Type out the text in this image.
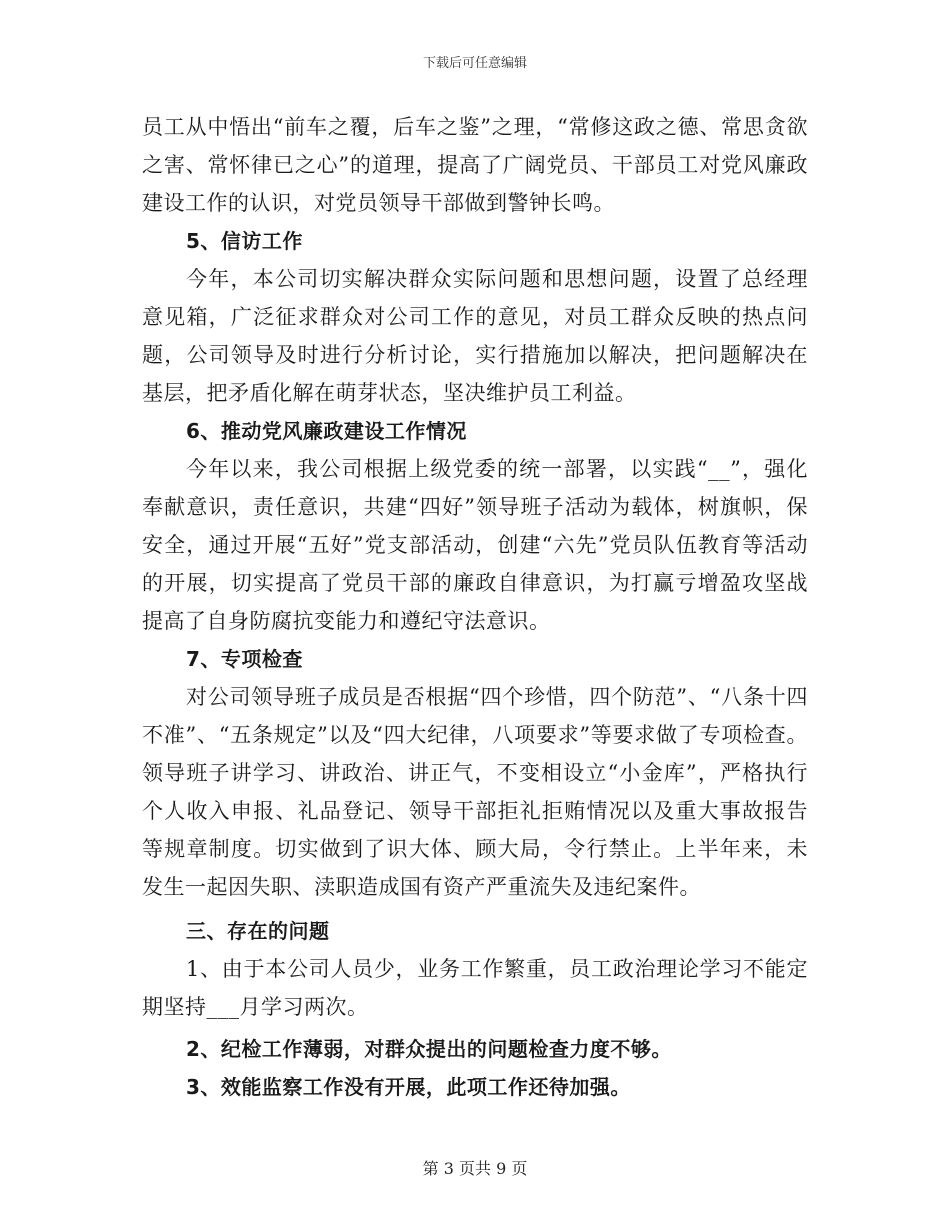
下载后可任意编辑

员工从中悟出“前车之覆，后车之鉴”之理，“常修这政之德、常思贪欲之害、常怀律已之心”的道理，提高了广阔党员、干部员工对党风廉政建设工作的认识，对党员领导干部做到警钟长鸣。

5、信访工作

今年，本公司切实解决群众实际问题和思想问题，设置了总经理意见箱，广泛征求群众对公司工作的意见，对员工群众反映的热点问题，公司领导及时进行分析讨论，实行措施加以解决，把问题解决在基层，把矛盾化解在萌芽状态，坚决维护员工利益。

6、推动党风廉政建设工作情况

今年以来，我公司根据上级党委的统一部署，以实践“__”，强化奉献意识，责任意识，共建“四好”领导班子活动为载体，树旗帜，保安全，通过开展“五好”党支部活动，创建“六先”党员队伍教育等活动的开展，切实提高了党员干部的廉政自律意识，为打赢亏增盈攻坚战提高了自身防腐抗变能力和遵纪守法意识。

7、专项检查

对公司领导班子成员是否根据“四个珍惜，四个防范”、“八条十四不准”、“五条规定”以及“四大纪律，八项要求”等要求做了专项检查。领导班子讲学习、讲政治、讲正气，不变相设立“小金库”，严格执行个人收入申报、礼品登记、领导干部拒礼拒贿情况以及重大事故报告等规章制度。切实做到了识大体、顾大局，令行禁止。上半年来，未发生一起因失职、渎职造成国有资产严重流失及违纪案件。

三、存在的问题

1、由于本公司人员少，业务工作繁重，员工政治理论学习不能定期坚持___月学习两次。

2、纪检工作薄弱，对群众提出的问题检查力度不够。

3、效能监察工作没有开展，此项工作还待加强。

第 3 页共 9 页
